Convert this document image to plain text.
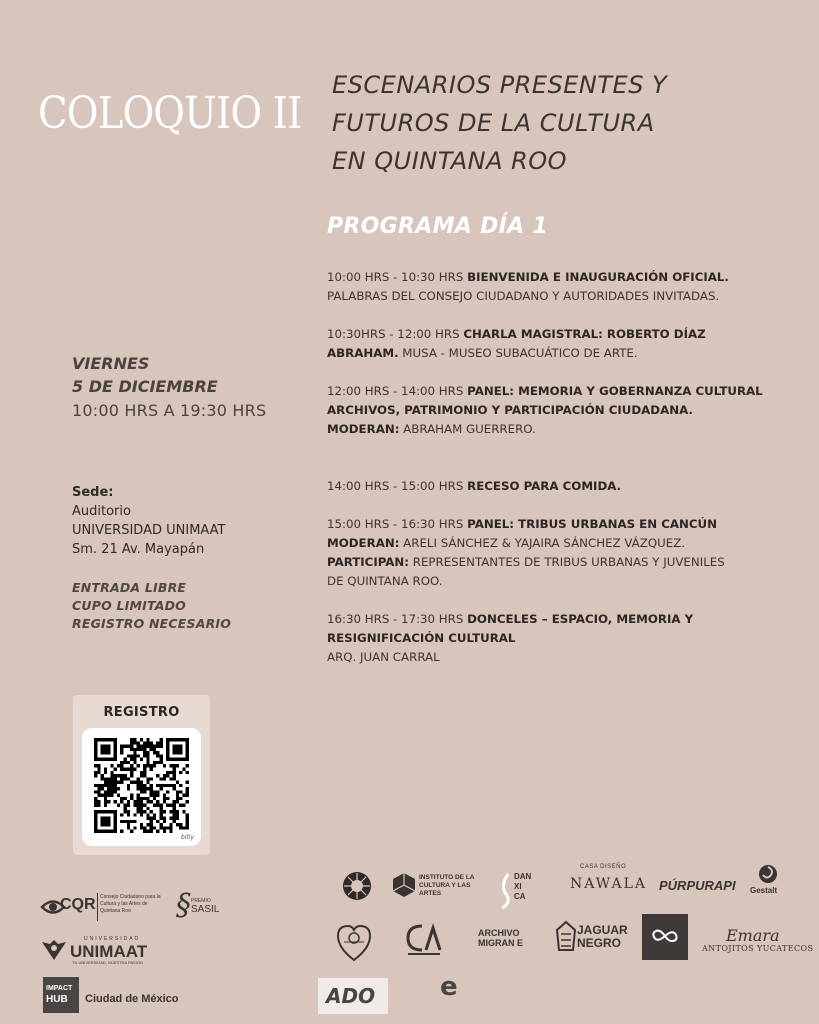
COLOQUIO II
ESCENARIOS PRESENTES Y
FUTUROS DE LA CULTURA
EN QUINTANA ROO
PROGRAMA DÍA 1
VIERNES
5 DE DICIEMBRE
10:00 HRS A 19:30 HRS
Sede:
Auditorio
UNIVERSIDAD UNIMAAT
Sm. 21 Av. Mayapán
ENTRADA LIBRE
CUPO LIMITADO
REGISTRO NECESARIO
10:00 HRS - 10:30 HRS BIENVENIDA E INAUGURACIÓN OFICIAL.
PALABRAS DEL CONSEJO CIUDADANO Y AUTORIDADES INVITADAS.
10:30HRS - 12:00 HRS CHARLA MAGISTRAL: ROBERTO DÍAZ
ABRAHAM. MUSA - MUSEO SUBACUÁTICO DE ARTE.
12:00 HRS - 14:00 HRS PANEL: MEMORIA Y GOBERNANZA CULTURAL
ARCHIVOS, PATRIMONIO Y PARTICIPACIÓN CIUDADANA.
MODERAN: ABRAHAM GUERRERO.
14:00 HRS - 15:00 HRS RECESO PARA COMIDA.
15:00 HRS - 16:30 HRS PANEL: TRIBUS URBANAS EN CANCÚN
MODERAN: ARELI SÁNCHEZ & YAJAIRA SÁNCHEZ VÁZQUEZ.
PARTICIPAN: REPRESENTANTES DE TRIBUS URBANAS Y JUVENILES
DE QUINTANA ROO.
16:30 HRS - 17:30 HRS DONCELES – ESPACIO, MEMORIA Y
RESIGNIFICACIÓN CULTURAL
ARQ. JUAN CARRAL
REGISTRO
bitly
CQR Consejo Ciudadano para la Cultura y las Artes de Quintana Roo	§ PREMIO
SASIL
UNIVERSIDAD
UNIMAAT
TU UNIVERSIDAD, NUESTRA PASIÓN
IMPACT
HUB Ciudad de México
INSTITUTO DE LA CULTURA Y LAS ARTES
DAN XI CA
CASA DISEÑO
NAWALA PÚRPURAPI Gestalt
ARCHIVO MIGRAN E
JAGUAR
NEGRO	Emara
ANTOJITOS YUCATECOS
ADO e
